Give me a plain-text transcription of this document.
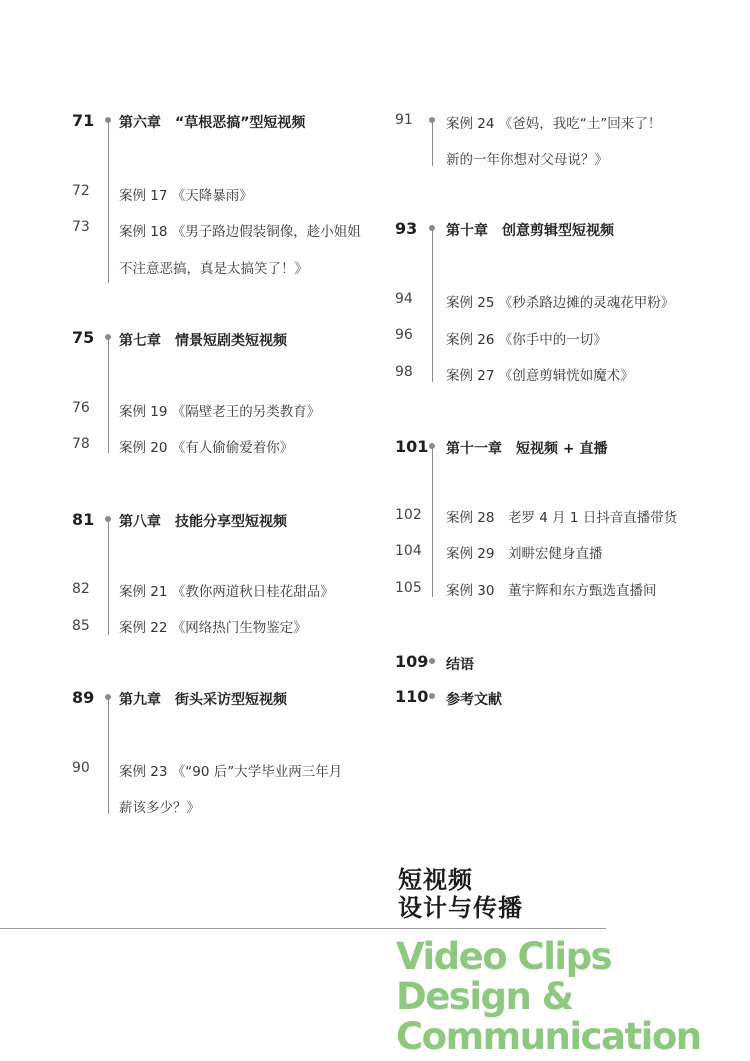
71 第六章　“草根恶搞”型短视频
72 案例 17 《天降暴雨》
73 案例 18 《男子路边假装铜像，趁小姐姐
不注意恶搞，真是太搞笑了！》
75 第七章　情景短剧类短视频
76 案例 19 《隔壁老王的另类教育》
78 案例 20 《有人偷偷爱着你》
81 第八章　技能分享型短视频
82 案例 21 《教你两道秋日桂花甜品》
85 案例 22 《网络热门生物鉴定》
89 第九章　街头采访型短视频
90 案例 23 《“90 后”大学毕业两三年月
薪该多少？》
91 案例 24 《爸妈，我吃“土”回来了！
新的一年你想对父母说？》
93 第十章　创意剪辑型短视频
94 案例 25 《秒杀路边摊的灵魂花甲粉》
96 案例 26 《你手中的一切》
98 案例 27 《创意剪辑恍如魔术》
101 第十一章　短视频 + 直播
102 案例 28　老罗 4 月 1 日抖音直播带货
104 案例 29　刘畊宏健身直播
105 案例 30　董宇辉和东方甄选直播间
109 结语
110 参考文献
短视频
设计与传播
Video Clips
Design &
Communication
